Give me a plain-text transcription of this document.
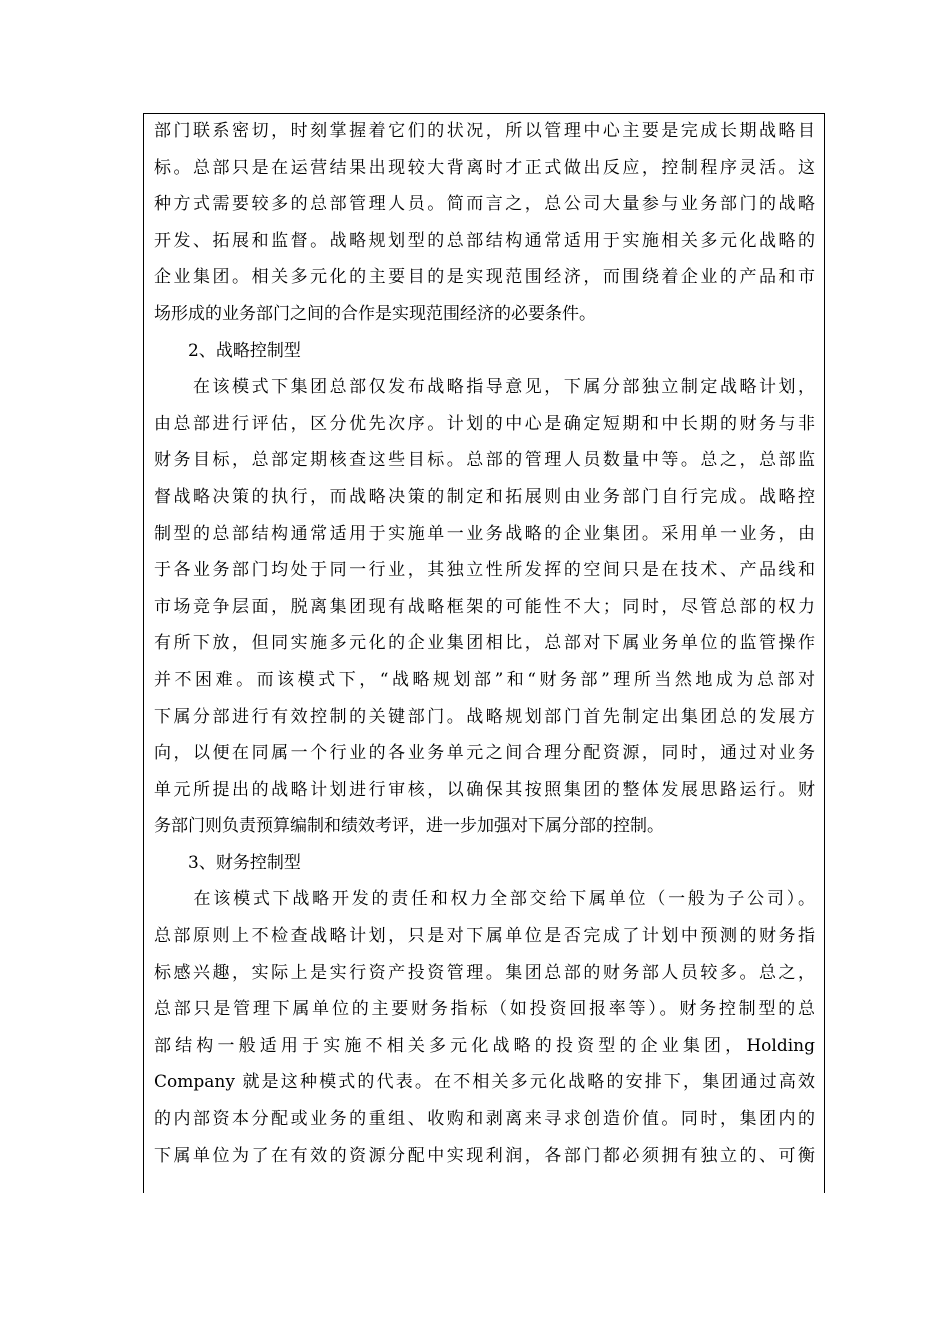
部门联系密切，时刻掌握着它们的状况，所以管理中心主要是完成长期战略目
标。总部只是在运营结果出现较大背离时才正式做出反应，控制程序灵活。这
种方式需要较多的总部管理人员。简而言之，总公司大量参与业务部门的战略
开发、拓展和监督。战略规划型的总部结构通常适用于实施相关多元化战略的
企业集团。相关多元化的主要目的是实现范围经济，而围绕着企业的产品和市
场形成的业务部门之间的合作是实现范围经济的必要条件。
　　2、战略控制型
　　在该模式下集团总部仅发布战略指导意见，下属分部独立制定战略计划，
由总部进行评估，区分优先次序。计划的中心是确定短期和中长期的财务与非
财务目标，总部定期核查这些目标。总部的管理人员数量中等。总之，总部监
督战略决策的执行，而战略决策的制定和拓展则由业务部门自行完成。战略控
制型的总部结构通常适用于实施单一业务战略的企业集团。采用单一业务，由
于各业务部门均处于同一行业，其独立性所发挥的空间只是在技术、产品线和
市场竞争层面，脱离集团现有战略框架的可能性不大；同时，尽管总部的权力
有所下放，但同实施多元化的企业集团相比，总部对下属业务单位的监管操作
并不困难。而该模式下，“战略规划部”和“财务部”理所当然地成为总部对
下属分部进行有效控制的关键部门。战略规划部门首先制定出集团总的发展方
向，以便在同属一个行业的各业务单元之间合理分配资源，同时，通过对业务
单元所提出的战略计划进行审核，以确保其按照集团的整体发展思路运行。财
务部门则负责预算编制和绩效考评，进一步加强对下属分部的控制。
　　3、财务控制型
　　在该模式下战略开发的责任和权力全部交给下属单位（一般为子公司）。
总部原则上不检查战略计划，只是对下属单位是否完成了计划中预测的财务指
标感兴趣，实际上是实行资产投资管理。集团总部的财务部人员较多。总之，
总部只是管理下属单位的主要财务指标（如投资回报率等）。财务控制型的总
部结构一般适用于实施不相关多元化战略的投资型的企业集团，Holding
Company 就是这种模式的代表。在不相关多元化战略的安排下，集团通过高效
的内部资本分配或业务的重组、收购和剥离来寻求创造价值。同时，集团内的
下属单位为了在有效的资源分配中实现利润，各部门都必须拥有独立的、可衡
